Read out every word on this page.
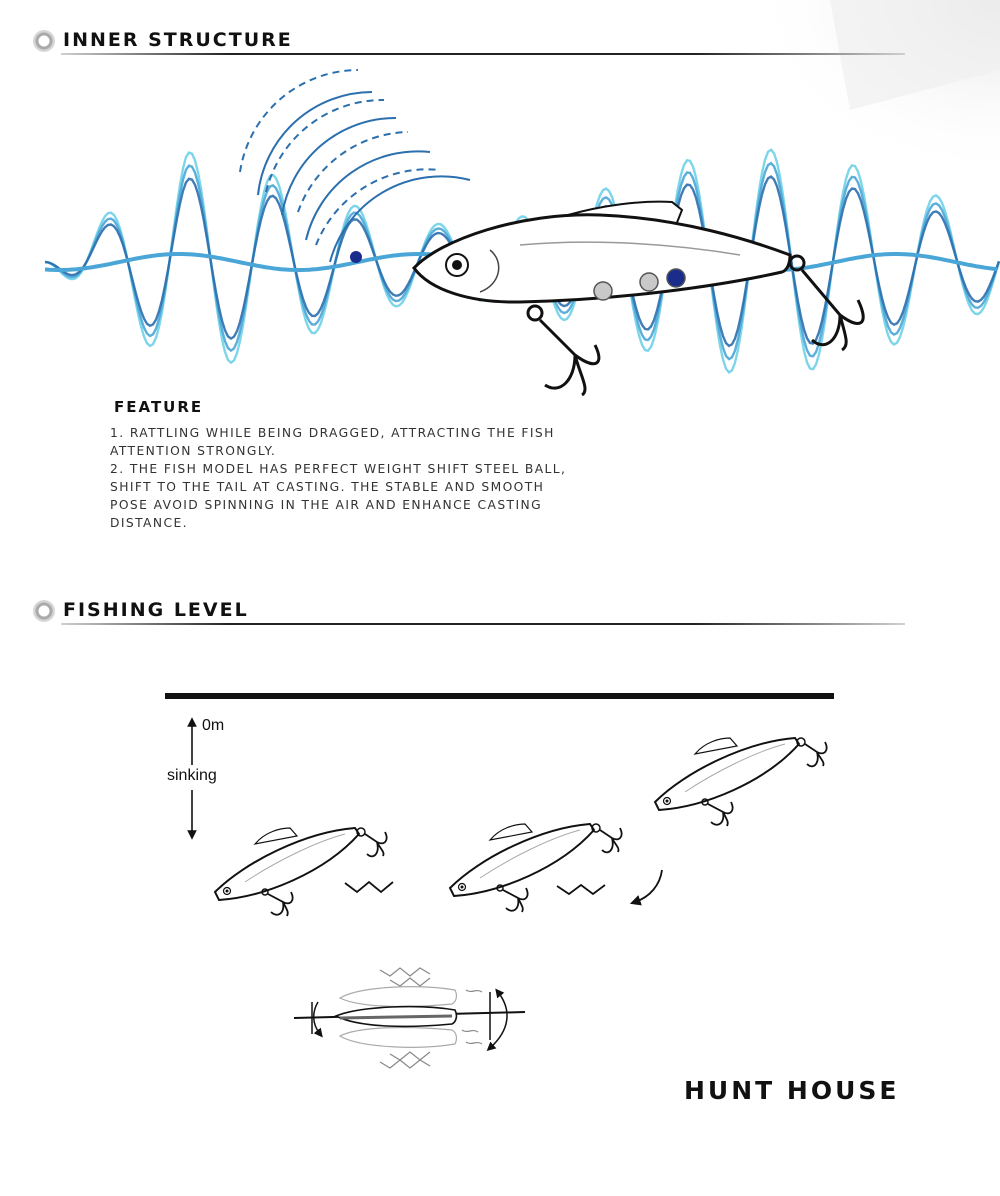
INNER STRUCTURE
FEATURE
1. RATTLING WHILE BEING DRAGGED, ATTRACTING THE FISH
ATTENTION STRONGLY.
2. THE FISH MODEL HAS PERFECT WEIGHT SHIFT STEEL BALL,
SHIFT TO THE TAIL AT CASTING. THE STABLE AND SMOOTH
POSE AVOID SPINNING IN THE AIR AND ENHANCE CASTING
DISTANCE.
FISHING LEVEL
0m
sinking
HUNT HOUSE
